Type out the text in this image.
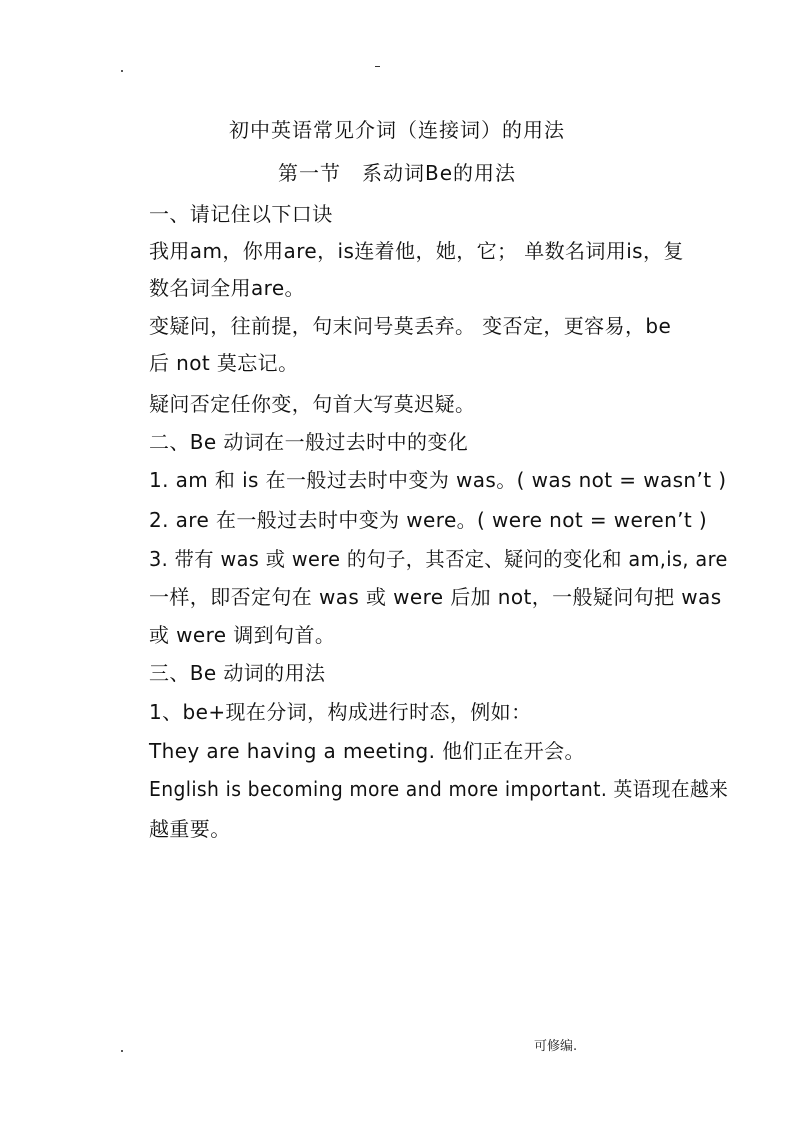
初中英语常见介词（连接词）的用法
第一节　系动词Be的用法
一、请记住以下口诀
我用am，你用are，is连着他，她，它； 单数名词用is，复
数名词全用are。
变疑问，往前提，句末问号莫丢弃。 变否定，更容易，be
后 not 莫忘记。
疑问否定任你变，句首大写莫迟疑。
二、Be 动词在一般过去时中的变化
1. am 和 is 在一般过去时中变为 was。( was not = wasn’t )
2. are 在一般过去时中变为 were。( were not = weren’t )
3. 带有 was 或 were 的句子，其否定、疑问的变化和 am,is, are
一样，即否定句在 was 或 were 后加 not，一般疑问句把 was
或 were 调到句首。
三、Be 动词的用法
1、be+现在分词，构成进行时态，例如：
They are having a meeting. 他们正在开会。
English is becoming more and more important. 英语现在越来
越重要。
可修编.
